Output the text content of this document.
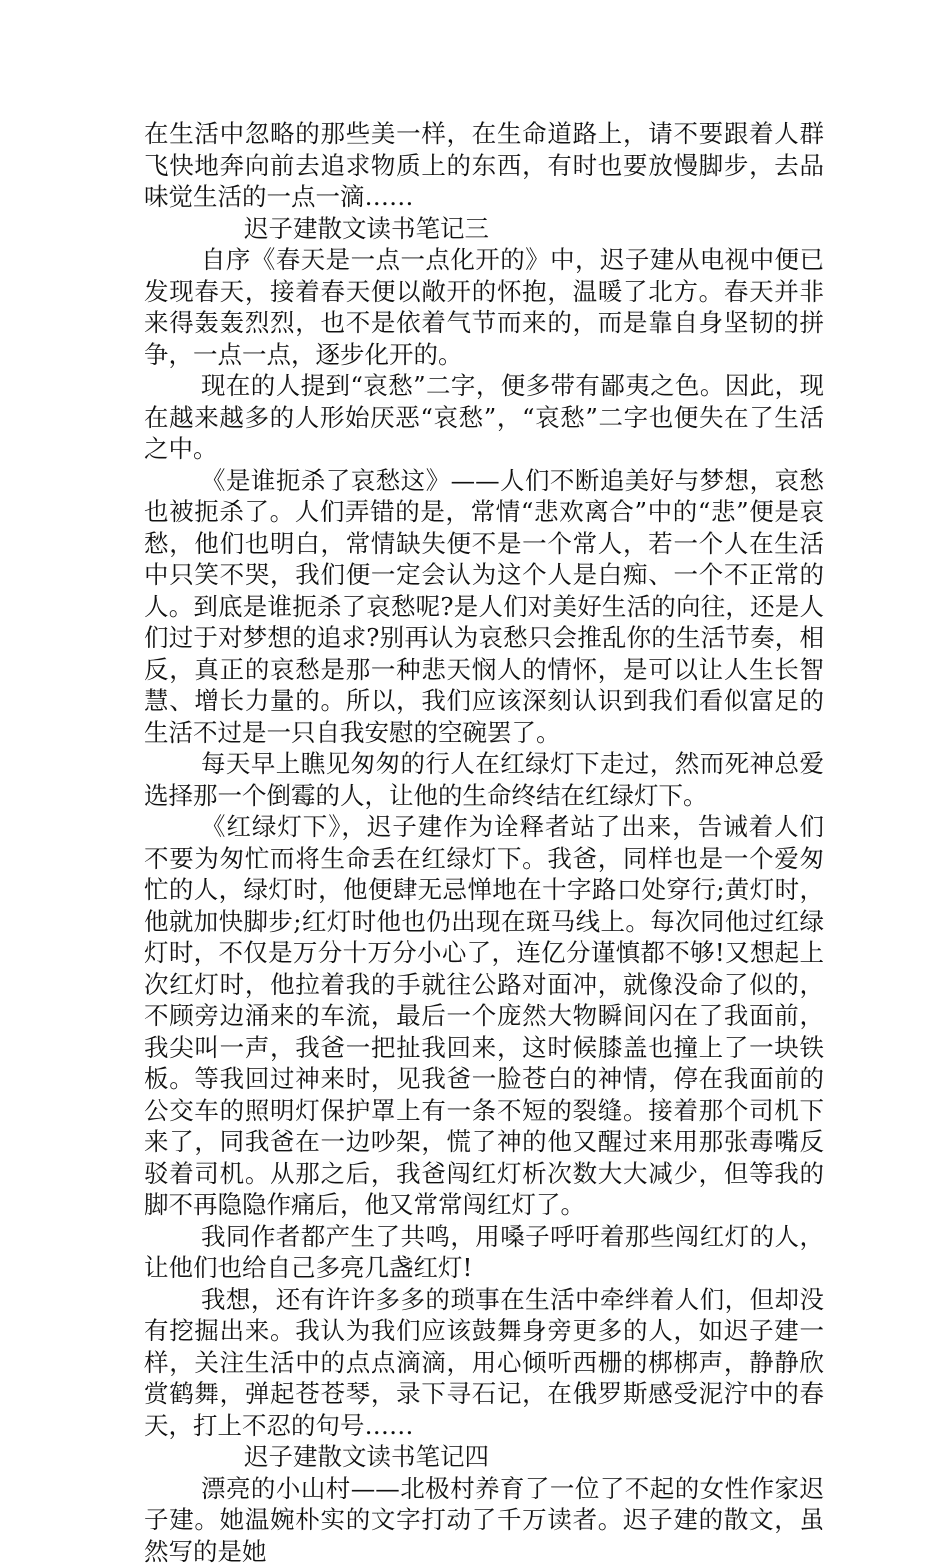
在生活中忽略的那些美一样，在生命道路上，请不要跟着人群飞快地奔向前去追求物质上的东西，有时也要放慢脚步，去品味觉生活的一点一滴……

迟子建散文读书笔记三

自序《春天是一点一点化开的》中，迟子建从电视中便已发现春天，接着春天便以敞开的怀抱，温暖了北方。春天并非来得轰轰烈烈，也不是依着气节而来的，而是靠自身坚韧的拼争，一点一点，逐步化开的。

现在的人提到“哀愁”二字，便多带有鄙夷之色。因此，现在越来越多的人形始厌恶“哀愁”，“哀愁”二字也便失在了生活之中。

《是谁扼杀了哀愁这》——人们不断追美好与梦想，哀愁也被扼杀了。人们弄错的是，常情“悲欢离合”中的“悲”便是哀愁，他们也明白，常情缺失便不是一个常人，若一个人在生活中只笑不哭，我们便一定会认为这个人是白痴、一个不正常的人。到底是谁扼杀了哀愁呢?是人们对美好生活的向往，还是人们过于对梦想的追求?别再认为哀愁只会推乱你的生活节奏，相反，真正的哀愁是那一种悲天悯人的情怀，是可以让人生长智慧、增长力量的。所以，我们应该深刻认识到我们看似富足的生活不过是一只自我安慰的空碗罢了。

每天早上瞧见匆匆的行人在红绿灯下走过，然而死神总爱选择那一个倒霉的人，让他的生命终结在红绿灯下。

《红绿灯下》，迟子建作为诠释者站了出来，告诫着人们不要为匆忙而将生命丢在红绿灯下。我爸，同样也是一个爱匆忙的人，绿灯时，他便肆无忌惮地在十字路口处穿行;黄灯时，他就加快脚步;红灯时他也仍出现在斑马线上。每次同他过红绿灯时，不仅是万分十万分小心了，连亿分谨慎都不够!又想起上次红灯时，他拉着我的手就往公路对面冲，就像没命了似的，不顾旁边涌来的车流，最后一个庞然大物瞬间闪在了我面前，我尖叫一声，我爸一把扯我回来，这时候膝盖也撞上了一块铁板。等我回过神来时，见我爸一脸苍白的神情，停在我面前的公交车的照明灯保护罩上有一条不短的裂缝。接着那个司机下来了，同我爸在一边吵架，慌了神的他又醒过来用那张毒嘴反驳着司机。从那之后，我爸闯红灯析次数大大减少，但等我的脚不再隐隐作痛后，他又常常闯红灯了。

我同作者都产生了共鸣，用嗓子呼吁着那些闯红灯的人，让他们也给自己多亮几盏红灯!

我想，还有许许多多的琐事在生活中牵绊着人们，但却没有挖掘出来。我认为我们应该鼓舞身旁更多的人，如迟子建一样，关注生活中的点点滴滴，用心倾听西栅的梆梆声，静静欣赏鹤舞，弹起苍苍琴，录下寻石记，在俄罗斯感受泥泞中的春天，打上不忍的句号……

迟子建散文读书笔记四

漂亮的小山村——北极村养育了一位了不起的女性作家迟子建。她温婉朴实的文字打动了千万读者。迟子建的散文，虽然写的是她
